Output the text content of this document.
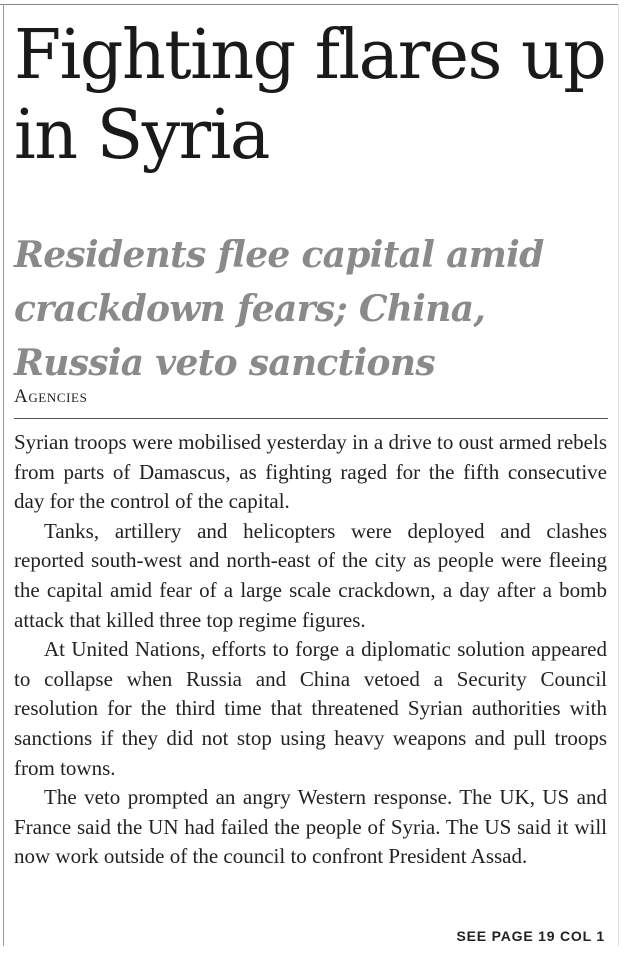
Fighting flares up in Syria
Residents flee capital amid crackdown fears; China, Russia veto sanctions
Agencies

Syrian troops were mobilised yesterday in a drive to oust armed rebels from parts of Damascus, as fighting raged for the fifth consecutive day for the control of the capital.

Tanks, artillery and helicopters were deployed and clashes reported south-west and north-east of the city as people were fleeing the capital amid fear of a large scale crackdown, a day after a bomb attack that killed three top regime figures.

At United Nations, efforts to forge a diplomatic solution appeared to collapse when Russia and China vetoed a Security Council resolution for the third time that threatened Syrian authorities with sanctions if they did not stop using heavy weapons and pull troops from towns.

The veto prompted an angry Western response. The UK, US and France said the UN had failed the people of Syria. The US said it will now work outside of the council to confront President Assad.

SEE PAGE 19 COL 1
